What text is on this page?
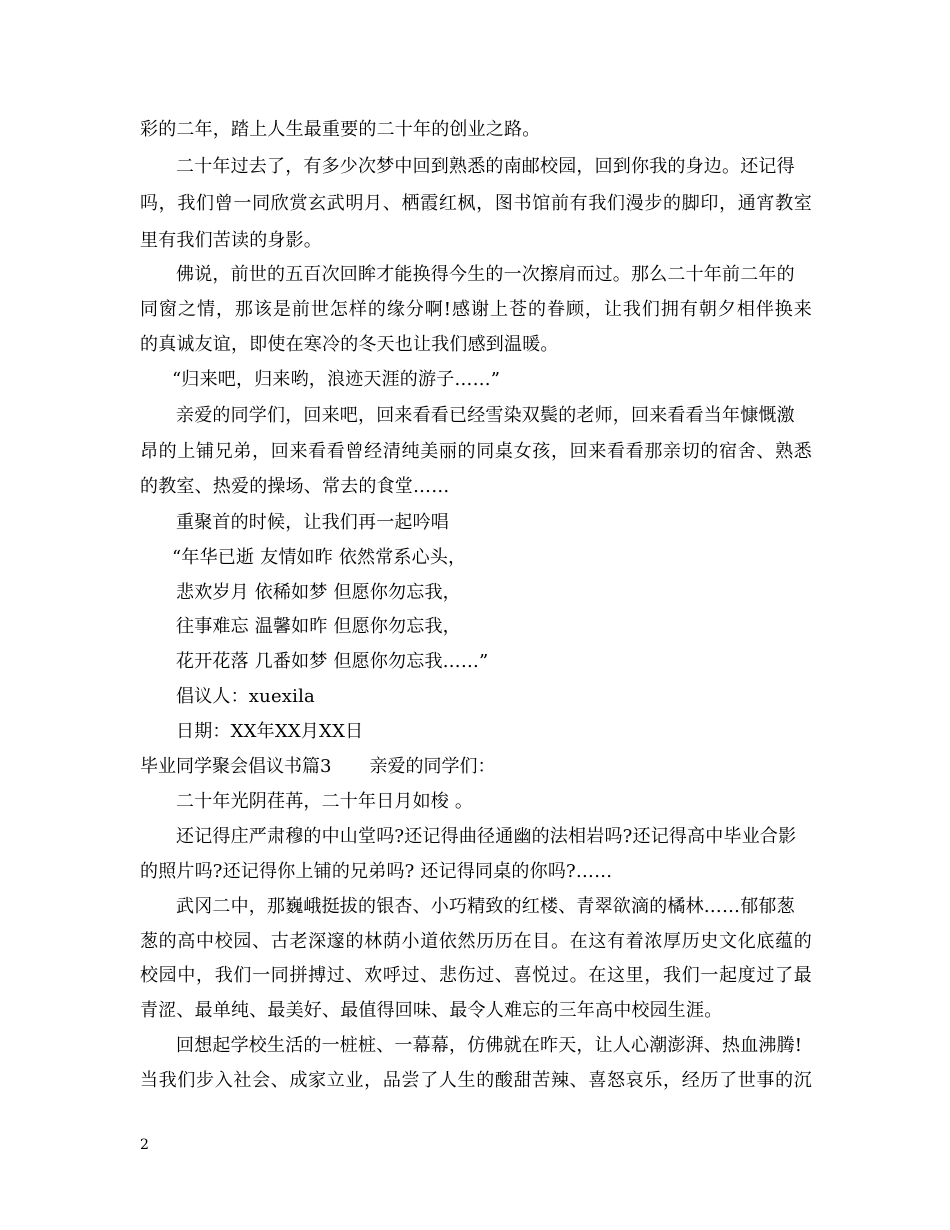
彩的二年，踏上人生最重要的二十年的创业之路。
二十年过去了，有多少次梦中回到熟悉的南邮校园，回到你我的身边。还记得
吗，我们曾一同欣赏玄武明月、栖霞红枫，图书馆前有我们漫步的脚印，通宵教室
里有我们苦读的身影。
佛说，前世的五百次回眸才能换得今生的一次擦肩而过。那么二十年前二年的
同窗之情，那该是前世怎样的缘分啊!感谢上苍的眷顾，让我们拥有朝夕相伴换来
的真诚友谊，即使在寒冷的冬天也让我们感到温暖。
“归来吧，归来哟，浪迹天涯的游子……”
亲爱的同学们，回来吧，回来看看已经雪染双鬓的老师，回来看看当年慷慨激
昂的上铺兄弟，回来看看曾经清纯美丽的同桌女孩，回来看看那亲切的宿舍、熟悉
的教室、热爱的操场、常去的食堂……
重聚首的时候，让我们再一起吟唱
“年华已逝 友情如昨 依然常系心头，
悲欢岁月 依稀如梦 但愿你勿忘我，
往事难忘 温馨如昨 但愿你勿忘我，
花开花落 几番如梦 但愿你勿忘我……”
倡议人：xuexila
日期：XX年XX月XX日
毕业同学聚会倡议书篇3 亲爱的同学们：
二十年光阴荏苒，二十年日月如梭 。
还记得庄严肃穆的中山堂吗?还记得曲径通幽的法相岩吗?还记得高中毕业合影
的照片吗?还记得你上铺的兄弟吗? 还记得同桌的你吗?……
武冈二中，那巍峨挺拔的银杏、小巧精致的红楼、青翠欲滴的橘林……郁郁葱
葱的高中校园、古老深邃的林荫小道依然历历在目。在这有着浓厚历史文化底蕴的
校园中，我们一同拼搏过、欢呼过、悲伤过、喜悦过。在这里，我们一起度过了最
青涩、最单纯、最美好、最值得回味、最令人难忘的三年高中校园生涯。
回想起学校生活的一桩桩、一幕幕，仿佛就在昨天，让人心潮澎湃、热血沸腾!
当我们步入社会、成家立业，品尝了人生的酸甜苦辣、喜怒哀乐，经历了世事的沉
2
